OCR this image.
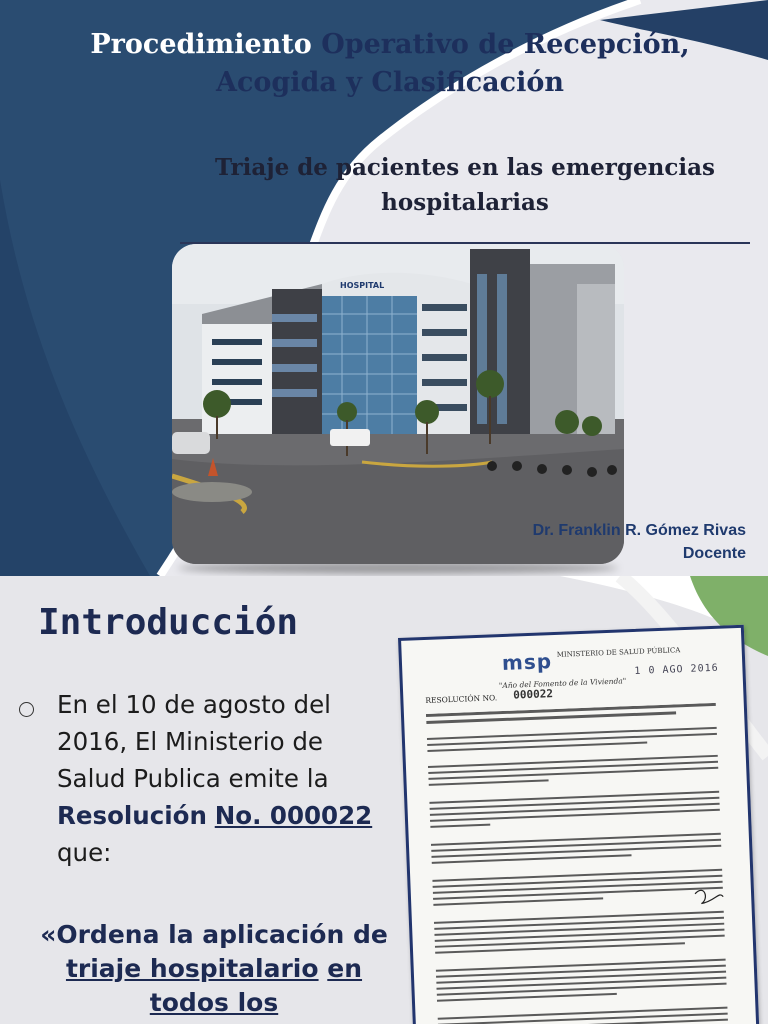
Procedimiento Operativo de Recepción,
Acogida y Clasificación
Triaje de pacientes en las emergencias hospitalarias
HOSPITAL
Dr. Franklin R. Gómez Rivas
Docente
Introducción

En el 10 de agosto del 2016, El Ministerio de Salud Publica emite la Resolución No. 000022 que:

«Ordena la aplicación de triaje hospitalario en todos los

msp MINISTERIO DE SALUD PÚBLICA
"Año del Fomento de la Vivienda"
1 0 AGO 2016
RESOLUCIÓN NO. 000022
